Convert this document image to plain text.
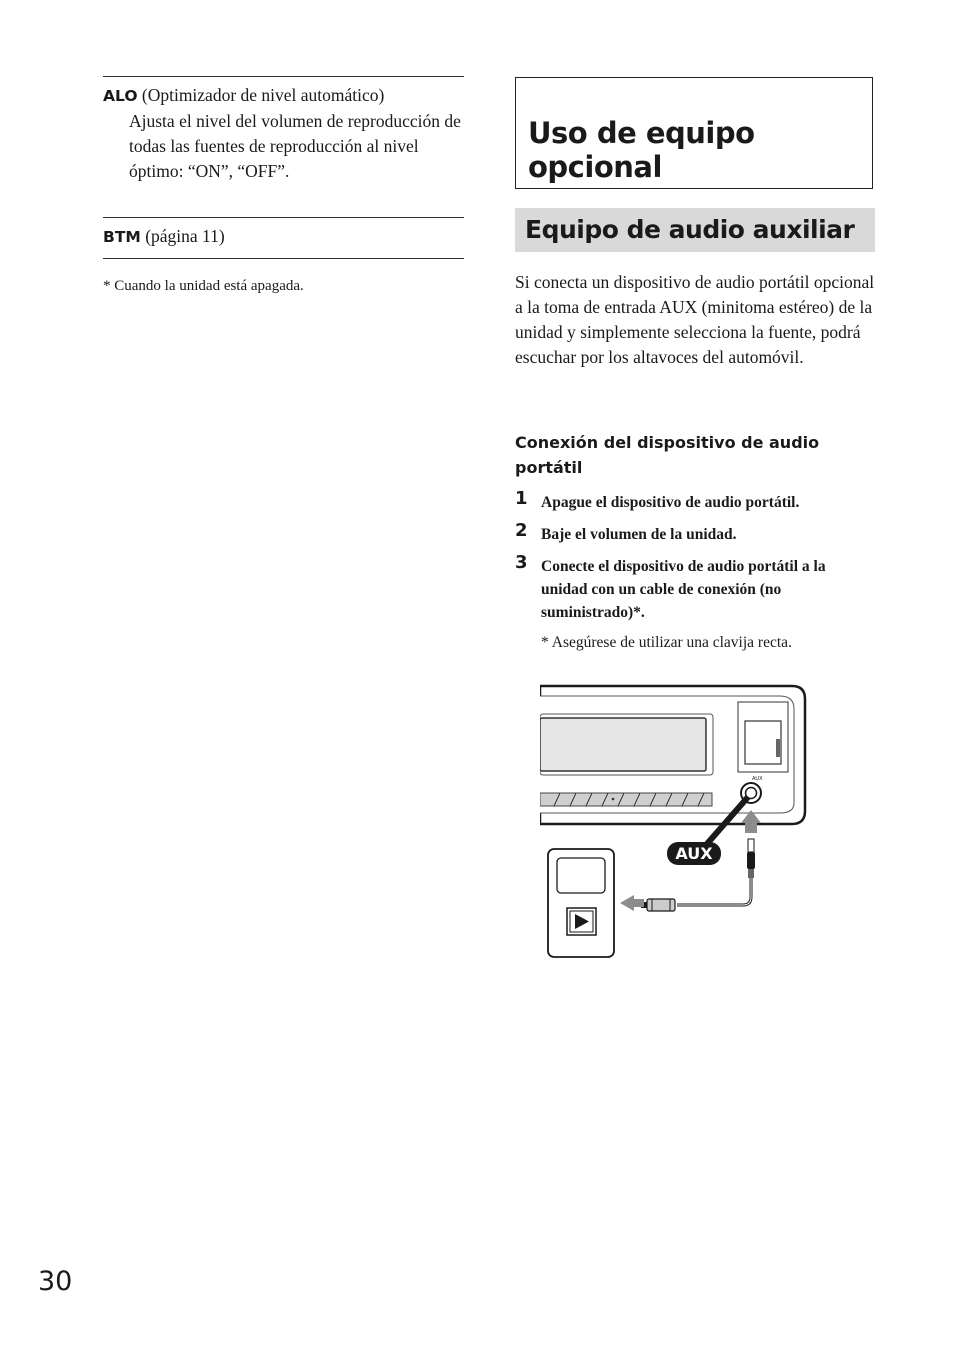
ALO (Optimizador de nivel automático)
Ajusta el nivel del volumen de reproducción de todas las fuentes de reproducción al nivel óptimo: “ON”, “OFF”.
BTM (página 11)
* Cuando la unidad está apagada.
Uso de equipo opcional
Equipo de audio auxiliar

Si conecta un dispositivo de audio portátil opcional a la toma de entrada AUX (minitoma estéreo) de la unidad y simplemente selecciona la fuente, podrá escuchar por los altavoces del automóvil.

Conexión del dispositivo de audio portátil
1 Apague el dispositivo de audio portátil.
2 Baje el volumen de la unidad.
3 Conecte el dispositivo de audio portátil a la unidad con un cable de conexión (no suministrado)*.
* Asegúrese de utilizar una clavija recta.
AUX
AUX
30
